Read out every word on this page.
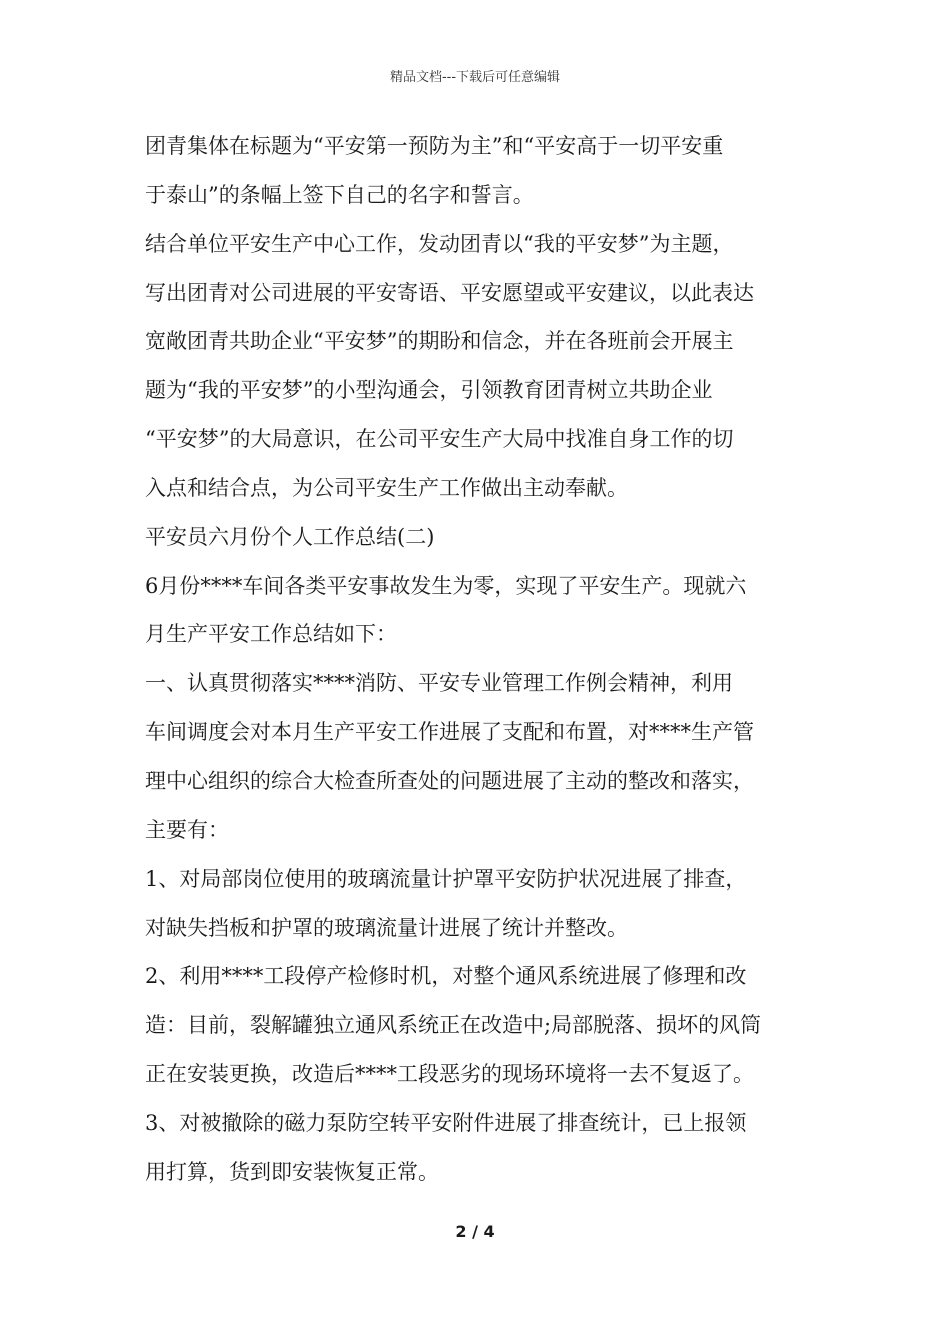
精品文档---下载后可任意编辑
团青集体在标题为“平安第一预防为主”和“平安高于一切平安重
于泰山”的条幅上签下自己的名字和誓言。
结合单位平安生产中心工作，发动团青以“我的平安梦”为主题，
写出团青对公司进展的平安寄语、平安愿望或平安建议，以此表达
宽敞团青共助企业“平安梦”的期盼和信念，并在各班前会开展主
题为“我的平安梦”的小型沟通会，引领教育团青树立共助企业
“平安梦”的大局意识，在公司平安生产大局中找准自身工作的切
入点和结合点，为公司平安生产工作做出主动奉献。
平安员六月份个人工作总结(二)
6月份****车间各类平安事故发生为零，实现了平安生产。现就六
月生产平安工作总结如下：
一、认真贯彻落实****消防、平安专业管理工作例会精神，利用
车间调度会对本月生产平安工作进展了支配和布置，对****生产管
理中心组织的综合大检查所查处的问题进展了主动的整改和落实，
主要有：
1、对局部岗位使用的玻璃流量计护罩平安防护状况进展了排查，
对缺失挡板和护罩的玻璃流量计进展了统计并整改。
2、利用****工段停产检修时机，对整个通风系统进展了修理和改
造：目前，裂解罐独立通风系统正在改造中;局部脱落、损坏的风筒
正在安装更换，改造后****工段恶劣的现场环境将一去不复返了。
3、对被撤除的磁力泵防空转平安附件进展了排查统计，已上报领
用打算，货到即安装恢复正常。
2 / 4
